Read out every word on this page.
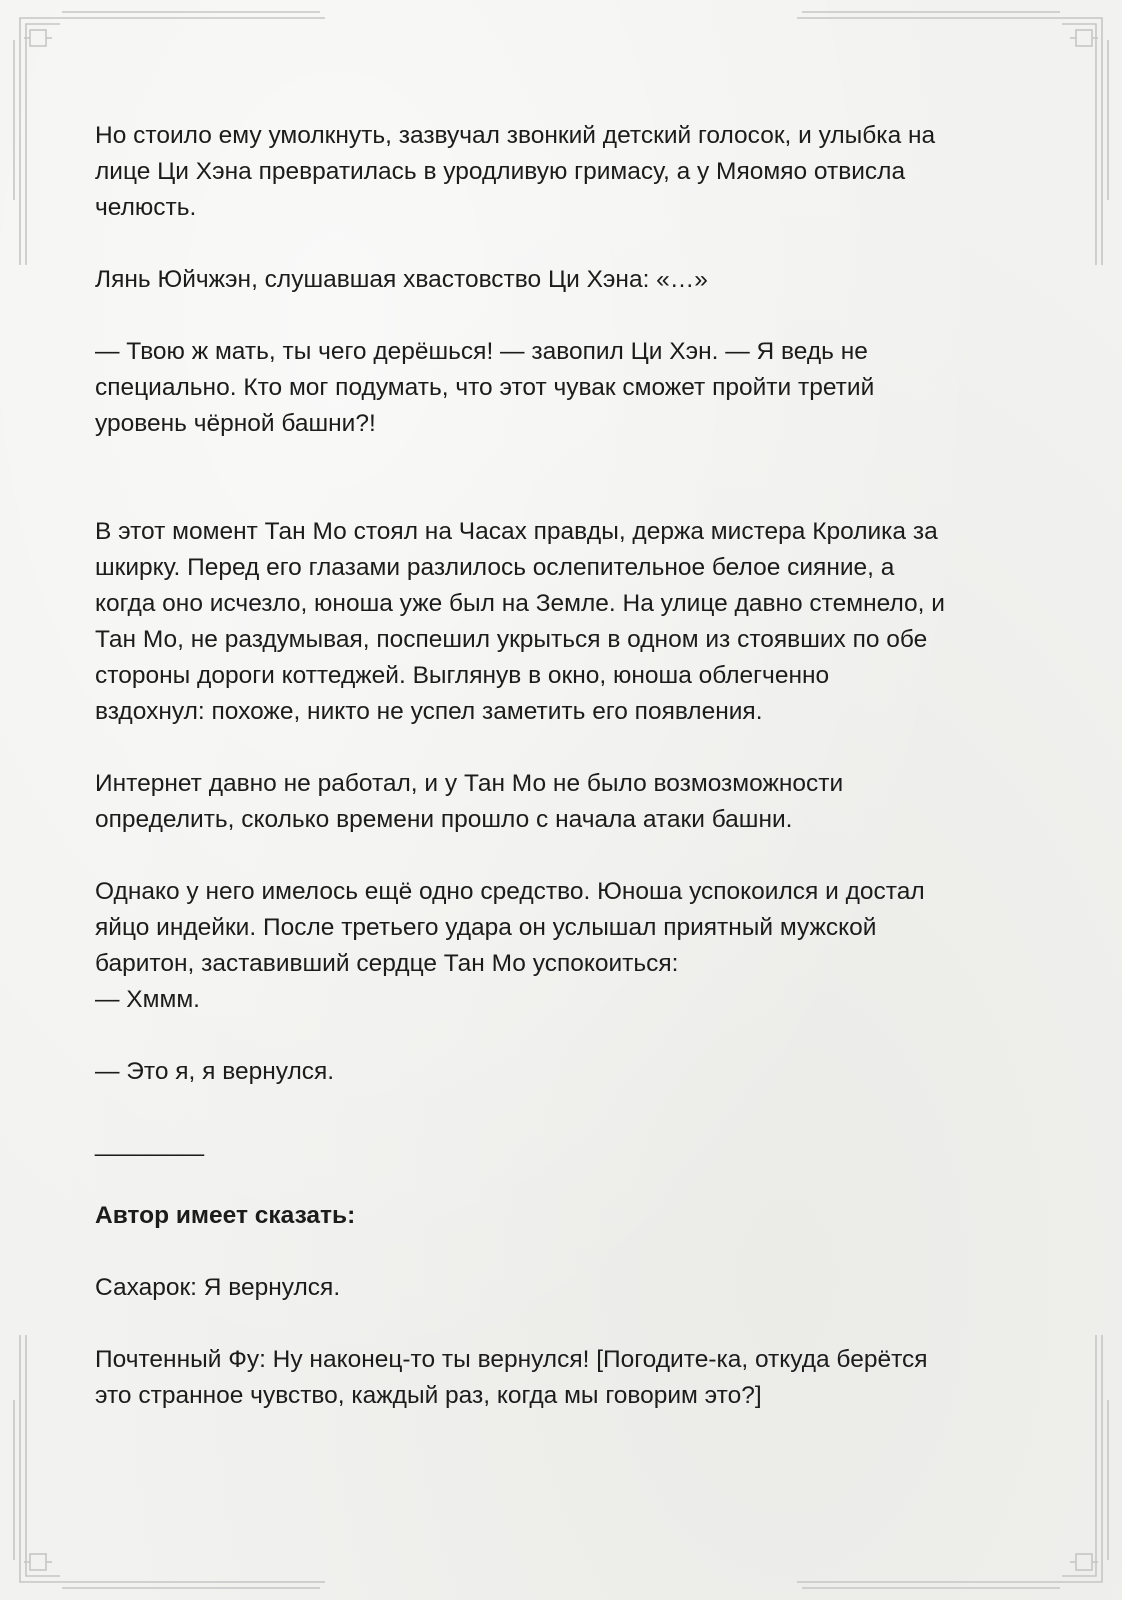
Но стоило ему умолкнуть, зазвучал звонкий детский голосок, и улыбка на
лице Ци Хэна превратилась в уродливую гримасу, а у Мяомяо отвисла
челюсть.
Лянь Юйчжэн, слушавшая хвастовство Ци Хэна: «…»
— Твою ж мать, ты чего дерёшься! — завопил Ци Хэн. — Я ведь не
специально. Кто мог подумать, что этот чувак сможет пройти третий
уровень чёрной башни?!
В этот момент Тан Мо стоял на Часах правды, держа мистера Кролика за
шкирку. Перед его глазами разлилось ослепительное белое сияние, а
когда оно исчезло, юноша уже был на Земле. На улице давно стемнело, и
Тан Мо, не раздумывая, поспешил укрыться в одном из стоявших по обе
стороны дороги коттеджей. Выглянув в окно, юноша облегченно
вздохнул: похоже, никто не успел заметить его появления.
Интернет давно не работал, и у Тан Мо не было возмозможности
определить, сколько времени прошло с начала атаки башни.
Однако у него имелось ещё одно средство. Юноша успокоился и достал
яйцо индейки. После третьего удара он услышал приятный мужской
баритон, заставивший сердце Тан Мо успокоиться:
— Хммм.
— Это я, я вернулся.
________
Автор имеет сказать:
Сахарок: Я вернулся.
Почтенный Фу: Ну наконец-то ты вернулся! [Погодите-ка, откуда берётся
это странное чувство, каждый раз, когда мы говорим это?]
